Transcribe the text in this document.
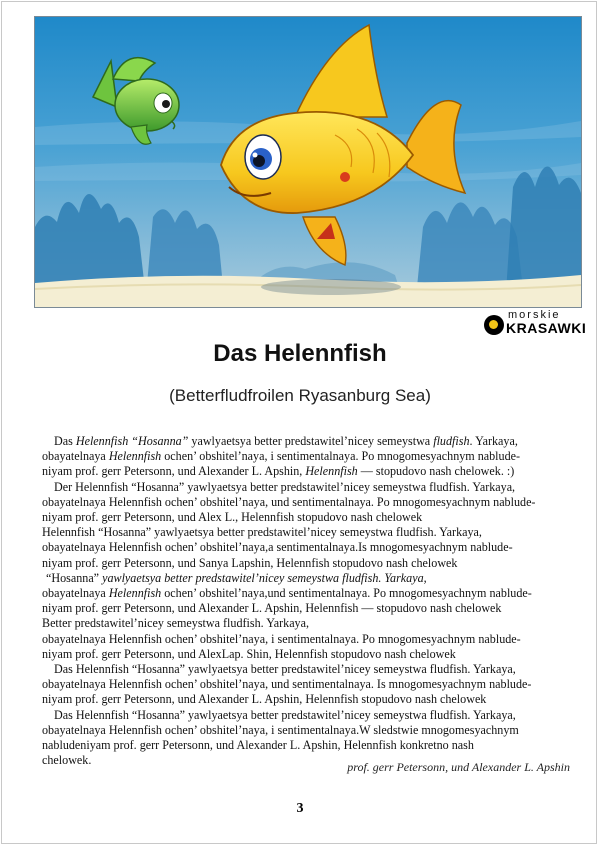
morskie
KRASAWKI
Das Helennfish

(Betterfludfroilen Ryasanburg Sea)

Das Helennfish “Hosanna” yawlyaetsya better predstawitel’nicey semeystwa fludfish. Yarkaya,
obayatelnaya Helennfish ochen’ obshitel’naya, i sentimentalnaya. Po mnogomesyachnym nablude-
niyam prof. gerr Petersonn, und Alexander L. Apshin, Helennfish — stopudovo nash chelowek. :)
Der Helennfish “Hosanna” yawlyaetsya better predstawitel’nicey semeystwa fludfish. Yarkaya,
obayatelnaya Helennfish ochen’ obshitel’naya, und sentimentalnaya. Po mnogomesyachnym nablude-
niyam prof. gerr Petersonn, und Alex L., Helennfish stopudovo nash chelowek
Helennfish “Hosanna” yawlyaetsya better predstawitel’nicey semeystwa fludfish. Yarkaya,
obayatelnaya Helennfish ochen’ obshitel’naya,a sentimentalnaya.Is mnogomesyachnym nablude-
niyam prof. gerr Petersonn, und Sanya Lapshin, Helennfish stopudovo nash chelowek
“Hosanna” yawlyaetsya better predstawitel’nicey semeystwa fludfish. Yarkaya,
obayatelnaya Helennfish ochen’ obshitel’naya,und sentimentalnaya. Po mnogomesyachnym nablude-
niyam prof. gerr Petersonn, und Alexander L. Apshin, Helennfish — stopudovo nash chelowek
Better predstawitel’nicey semeystwa fludfish. Yarkaya,
obayatelnaya Helennfish ochen’ obshitel’naya, i sentimentalnaya. Po mnogomesyachnym nablude-
niyam prof. gerr Petersonn, und AlexLap. Shin, Helennfish stopudovo nash chelowek
Das Helennfish “Hosanna” yawlyaetsya better predstawitel’nicey semeystwa fludfish. Yarkaya,
obayatelnaya Helennfish ochen’ obshitel’naya, und sentimentalnaya. Is mnogomesyachnym nablude-
niyam prof. gerr Petersonn, und Alexander L. Apshin, Helennfish stopudovo nash chelowek
Das Helennfish “Hosanna” yawlyaetsya better predstawitel’nicey semeystwa fludfish. Yarkaya,
obayatelnaya Helennfish ochen’ obshitel’naya, i sentimentalnaya.W sledstwie mnogomesyachnym
nabludeniyam prof. gerr Petersonn, und Alexander L. Apshin, Helennfish konkretno nash
chelowek.	prof. gerr Petersonn, und Alexander L. Apshin
3
